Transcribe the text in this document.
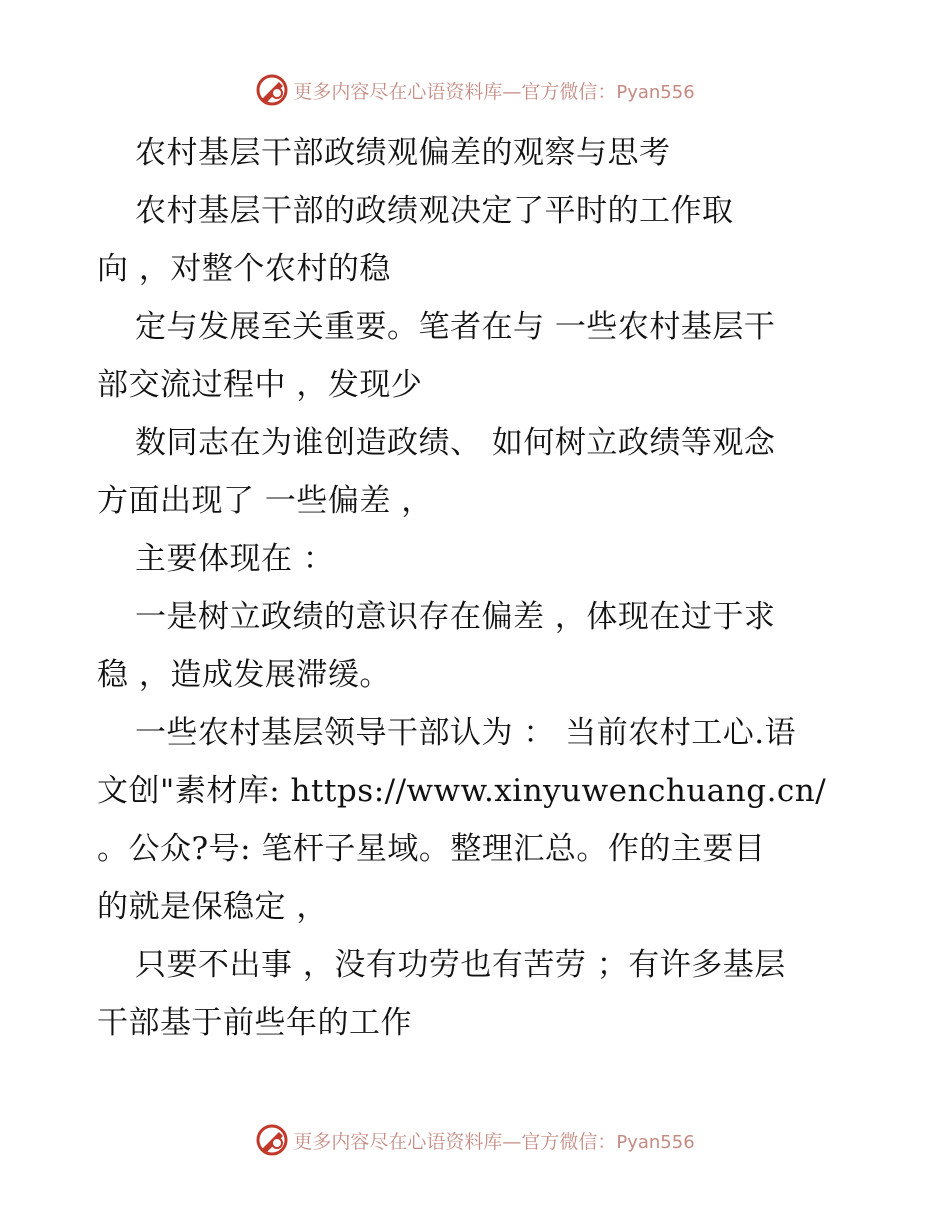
更多内容尽在心语资料库—官方微信：Pyan556
农村基层干部政绩观偏差的观察与思考
农村基层干部的政绩观决定了平时的工作取
向 ，对整个农村的稳
定与发展至关重要。笔者在与 一些农村基层干
部交流过程中 ，发现少
数同志在为谁创造政绩、 如何树立政绩等观念
方面出现了 一些偏差 ，
主要体现在 ：
一是树立政绩的意识存在偏差 ，体现在过于求
稳 ，造成发展滞缓。
一些农村基层领导干部认为 ： 当前农村工心.语
文创"素材库: https://www.xinyuwenchuang.cn/
。公众?号: 笔杆子星域。整理汇总。作的主要目
的就是保稳定 ，
只要不出事 ，没有功劳也有苦劳 ；有许多基层
干部基于前些年的工作
更多内容尽在心语资料库—官方微信：Pyan556
